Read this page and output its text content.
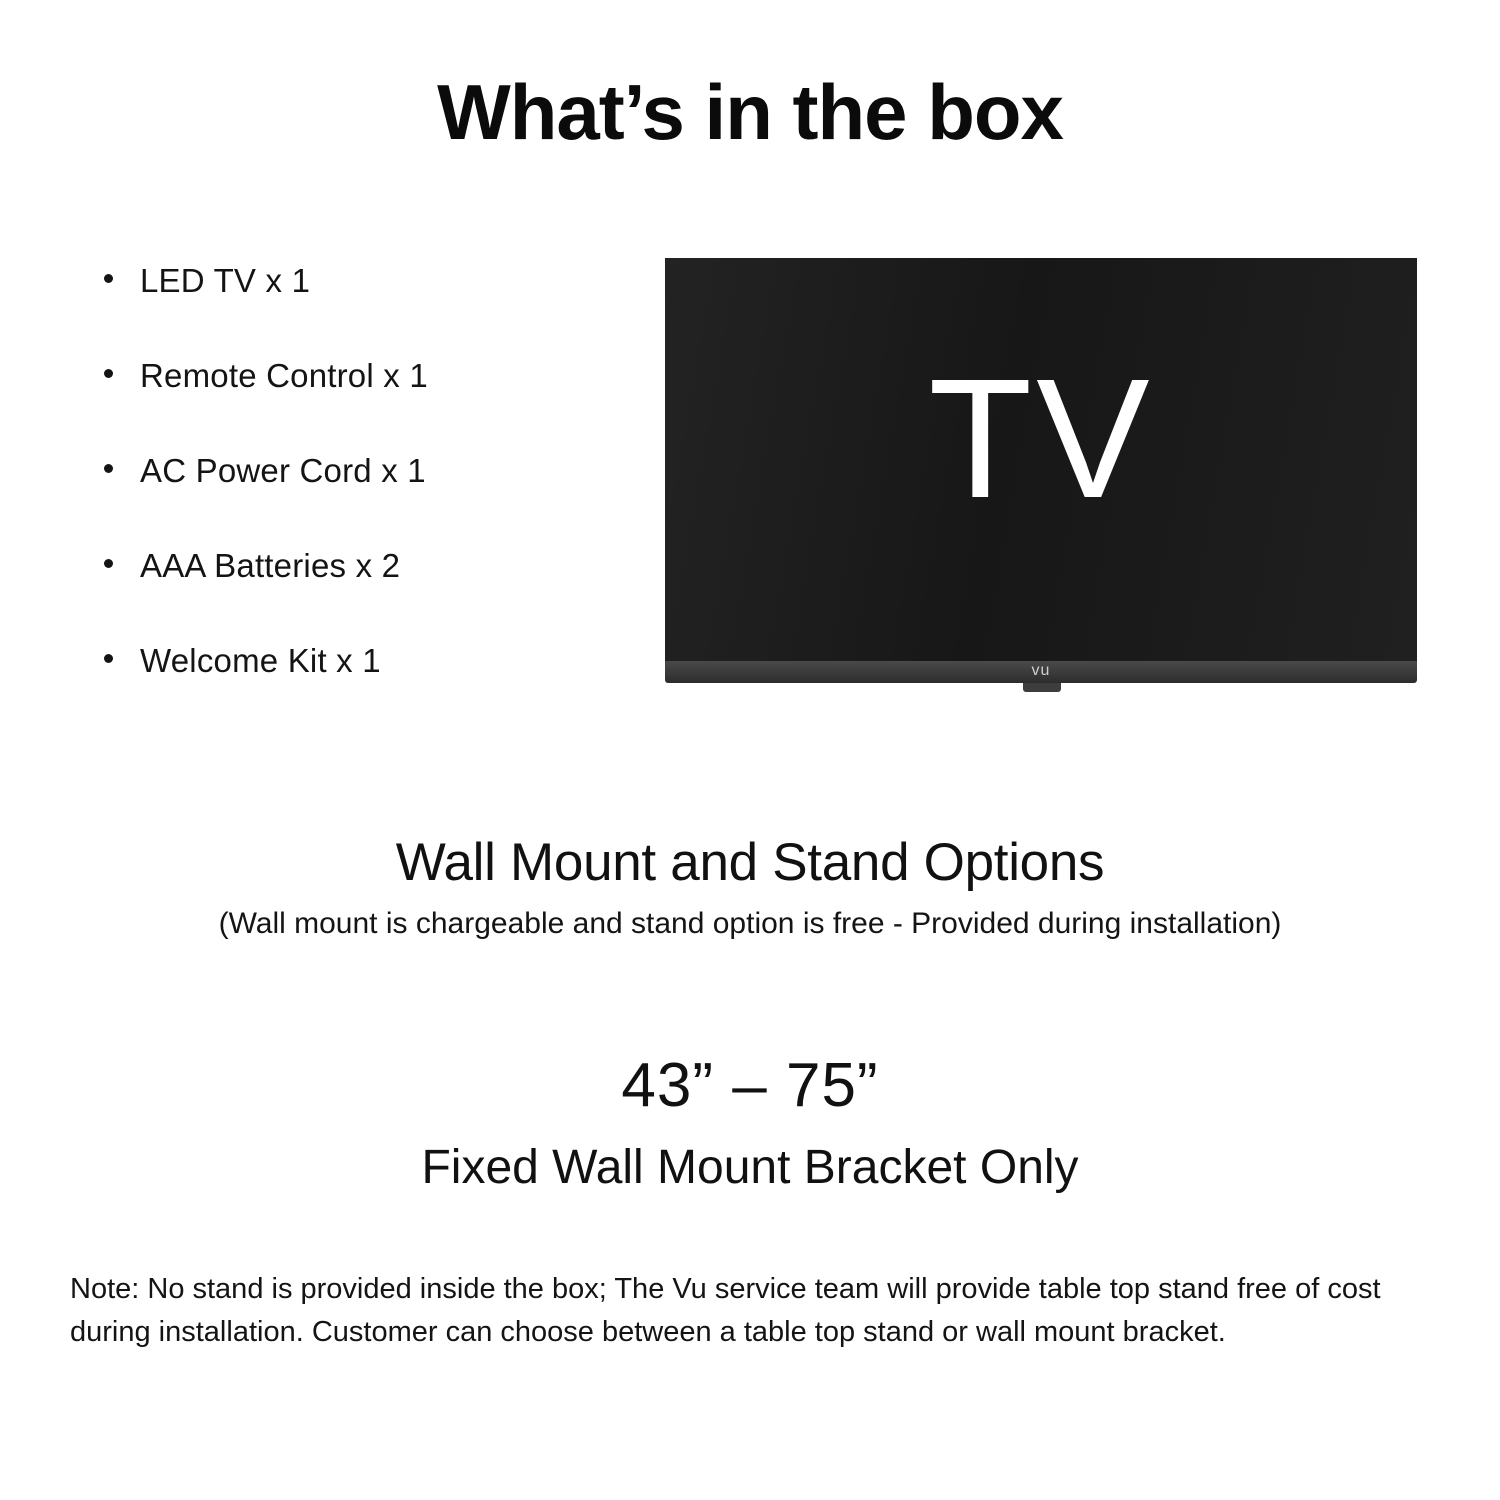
What’s in the box
LED TV x 1
Remote Control x 1
AC Power Cord x 1
AAA Batteries x 2
Welcome Kit x 1
TV
vu
Wall Mount and Stand Options
(Wall mount is chargeable and stand option is free - Provided during installation)
43” – 75”
Fixed Wall Mount Bracket Only
Note: No stand is provided inside the box; The Vu service team will provide table top stand free of cost during installation. Customer can choose between a table top stand or wall mount bracket.
